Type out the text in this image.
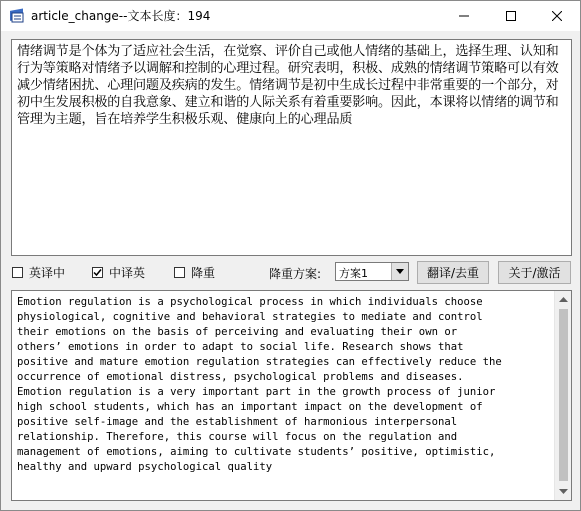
article_change--文本长度：194
情绪调节是个体为了适应社会生活，在觉察、评价自己或他人情绪的基础上，选择生理、认知和行为等策略对情绪予以调解和控制的心理过程。研究表明，积极、成熟的情绪调节策略可以有效减少情绪困扰、心理问题及疾病的发生。情绪调节是初中生成长过程中非常重要的一个部分，对初中生发展积极的自我意象、建立和谐的人际关系有着重要影响。因此，本课将以情绪的调节和管理为主题，旨在培养学生积极乐观、健康向上的心理品质
英译中	中译英	降重	降重方案:	方案1	翻译/去重	关于/激活
Emotion regulation is a psychological process in which individuals choose
physiological, cognitive and behavioral strategies to mediate and control
their emotions on the basis of perceiving and evaluating their own or
others’ emotions in order to adapt to social life. Research shows that
positive and mature emotion regulation strategies can effectively reduce the
occurrence of emotional distress, psychological problems and diseases.
Emotion regulation is a very important part in the growth process of junior
high school students, which has an important impact on the development of
positive self-image and the establishment of harmonious interpersonal
relationship. Therefore, this course will focus on the regulation and
management of emotions, aiming to cultivate students’ positive, optimistic,
healthy and upward psychological quality
